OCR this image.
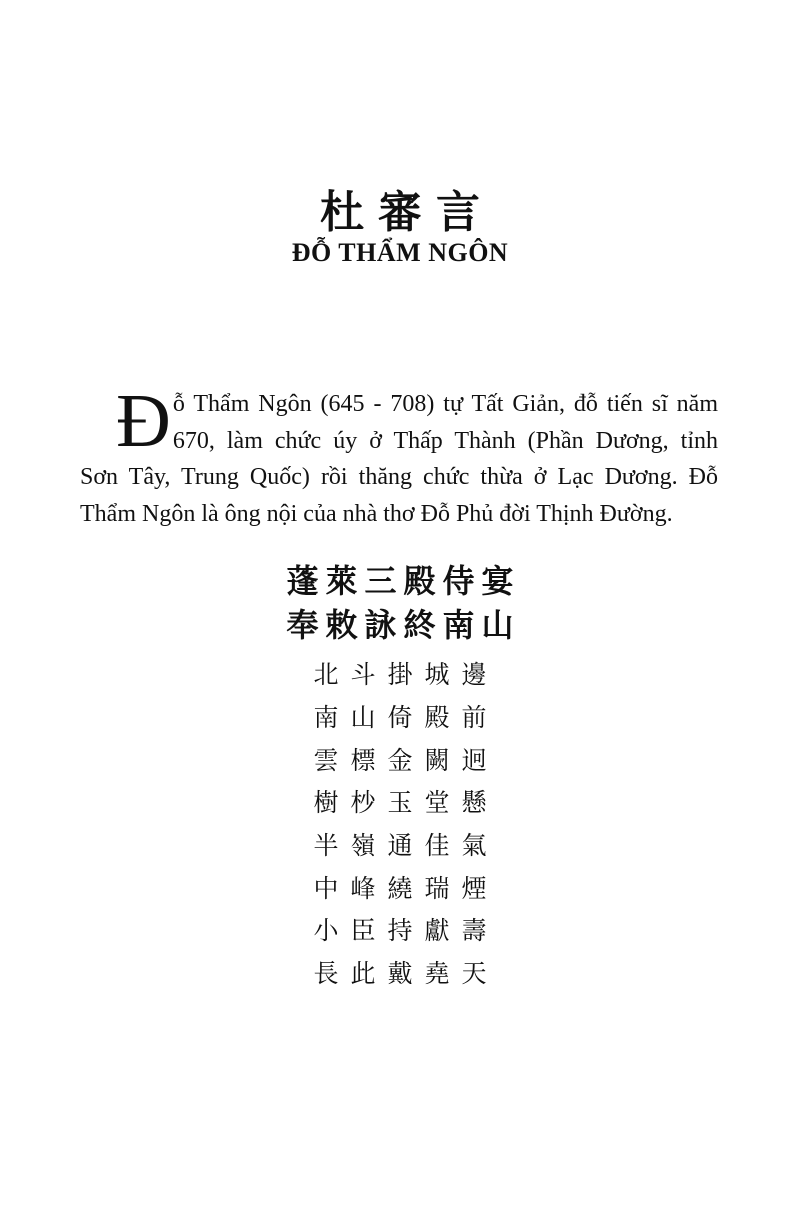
杜審言
ĐỖ THẨM NGÔN
Đ ỗ Thẩm Ngôn (645 - 708) tự Tất Giản, đỗ tiến sĩ năm
670, làm chức úy ở Thấp Thành (Phần Dương, tỉnh
Sơn Tây, Trung Quốc) rồi thăng chức thừa ở Lạc Dương. Đỗ
Thẩm Ngôn là ông nội của nhà thơ Đỗ Phủ đời Thịnh Đường.
蓬萊三殿侍宴
奉敕詠終南山
北 斗 掛 城 邊
南 山 倚 殿 前
雲 標 金 闕 迥
樹 杪 玉 堂 懸
半 嶺 通 佳 氣
中 峰 繞 瑞 煙
小 臣 持 獻 壽
長 此 戴 堯 天
